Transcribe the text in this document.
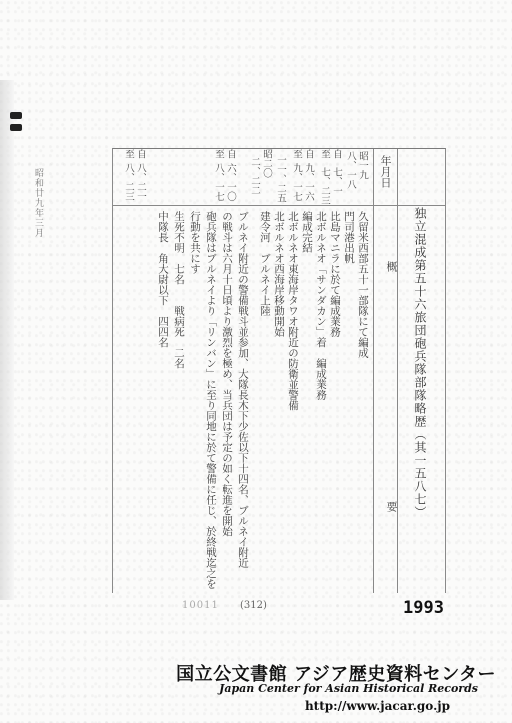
昭和廿九年三月
独立混成第五十六旅団砲兵隊部隊略歴（其一五八七）
年月日
概
要
昭一九
八、一八
自
七、一
至
七、二三
自
九、一六
至
九、一七
一一、二五
昭二〇
二、二二
自
六、一〇
至
八、一七
自
八、二一
至
八、二三
久留米西部五十一部隊にて編成
門司港出帆
比島マニラに於て編成業務
北ボルネオ「サンダカン」着　編成業務
編成完結
北ボルネオ東海岸タワオ附近の防衛並警備
北ボルネオ西海岸移動開始
建令河　ブルネイ上陸
ブルネイ附近の警備戦斗並参加、大隊長木下少佐以下十四名、ブルネイ附近
の戦斗は六月十日頃より激烈を極め、当兵団は予定の如く転進を開始
砲兵隊はブルネイより「リンバン」に至り同地に於て警備に任じ、於終戦迄之を
行動を共にす
生死不明　七名　　戦病死　二名
中隊長　角大尉以下　四四名
10011 (312)	1993
国立公文書館 アジア歴史資料センター
Japan Center for Asian Historical Records
http://www.jacar.go.jp
